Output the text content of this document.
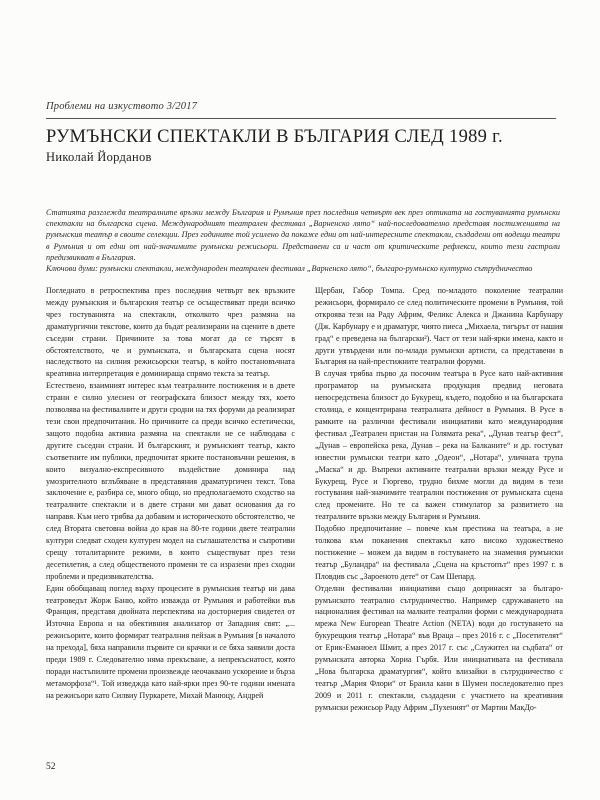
Проблеми на изкуството 3/2017
РУМЪНСКИ СПЕКТАКЛИ В БЪЛГАРИЯ СЛЕД 1989 г.
Николай Йорданов

Статията разглежда театралните връзки между България и Румъния през последния четвърт век през оптиката на гостуванията румънски спектакли на българска сцена. Международният театрален фестивал „Варненско лято“ най-последователно представя постиженията на румънския театър в своите селекции. През годините той усилено да покаже едни от най-интересните спектакли, създадени от водещи театри в Румъния и от едни от най-значимите румънски режисьори. Представени са и част от критическите рефлекси, които тези гастроли предизвикват в България.

Ключови думи: румънски спектакли, международен театрален фестивал „Варненско лято“, българо-румънско културно сътрудничество

Погледнато в ретроспектива през последния четвърт век връзките между румънския и българския театър се осъществяват преди всичко чрез гостуванията на спектакли, отколкото чрез размяна на драматургични текстове, които да бъдат реализирани на сцените в двете съседни страни. Причините за това могат да се търсят в обстоятелството, че и румънската, и българската сцена носят наследството на силния режисьорски театър, в който постановъчната креативна интерпретация е доминираща спрямо текста за театър.

Естествено, взаимният интерес към театралните постижения и в двете страни е силно улеснен от географската близост между тях, което позволява на фестивалните и други сродни на тях форуми да реализират тези свои предпочитания. Но причините са преди всичко естетически, защото подобна активна размяна на спектакли не се наблюдава с другите съседни страни. И българският, и румънският театър, както съответните им публики, предпочитат ярките постановъчни решения, в които визуално-експресивното въздействие доминира над умозрителното вглъбяване в представяния драматургичен текст. Това заключение е, разбира се, много общо, но предполагаемото сходство на театралните спектакли и в двете страни ми дават основания да го направя. Към него трябва да добавим и историческото обстоятелство, че след Втората световна война до края на 80-те години двете театрални култури следват сходен културен модел на съглашателства и съпротиви срещу тоталитарните режими, в които съществуват през тези десетилетия, а след общественото промени те са изразени през сходни проблеми и предизвикателства.

Един обобщаващ поглед върху процесите в румънския театър ни дава театроведът Жорж Баню, който изважда от Румъния и работейки във Франция, представя двойната перспектива на досторнерия свидетел от Източна Европа и на обективния анализатор от Западния свят: „... режисьорите, които формират театралния пейзаж в Румъния [в началото на прехода], бяха направили първите си крачки и се бяха заявили доста преди 1989 г. Следователно няма прекъсване, а непрекъснатост, която поради настъпилите промени произвеждe неочаквано ускорение и бърза метаморфоза“¹. Той изведжда като най-ярки през 90-те години имената на режисьори като Силвиу Пуркарете, Михай Манюцу, Андрей

Щербан, Габор Томпа. Сред по-младото поколение театрални режисьори, формирало се след политическите промени в Румъния, той откроява тези на Раду Африм, Феликс Алекса и Джанина Карбунару (Дж. Карбунару е и драматург, чиято пиеса „Михаела, тигърът от нашия град“ е преведена на български²). Част от тези най-ярки имена, както и други утвърдени или по-млади румънски артисти, са представени в България на най-престижните театрални форуми.

В случая трябва първо да посочим театъра в Русе като най-активния програматор на румънската продукция предвид неговата непосредствена близост до Букурещ, където, подобно и на българската столица, е концентрирана театралната дейност в Румъния. В Русе в рамките на различни фестивали инициативи като международния фестивал „Театрален пристан на Голямата река“, „Дунав театър фест“, „Дунав – европейска река, Дунав – река на Балканите“ и др. гостуват известни румънски театри като „Одеон“, „Нотара“, уличната трупа „Маска“ и др. Въпреки активните театрални връзки между Русе и Букурещ, Русе и Гюргево, трудно бихме могли да видим в тези гостувания най-значимите театрални постижения от румънската сцена след промените. Но те са важен стимулатор за развитието на театралните връзки между България и Румъния.

Подобно предпочитание – повече към престижа на театъра, а не толкова към поканения спектакъл като високо художествено постижение – можем да видим в гостуването на знамения румънски театър „Буландра“ на фестивала „Сцена на кръстопът“ през 1997 г. в Пловдив със „Зароеното дете“ от Сам Шепард.

Отделни фестивални инициативи също допринасят за българо-румънското театрално сътрудничество. Например сдружаването на националния фестивал на малките театрални форми с международната мрежа New European Theatre Action (NETA) води до гостуването на букурещкия театър „Нотара“ във Враца – през 2016 г. с „Посетителят“ от Ерик-Еманюел Шмит, а през 2017 г. със „Служител на съдбата“ от румънската авторка Хориа Гърбя. Или инициативата на фестивала „Нова българска драматургия“, който влизайки в сътрудничество с театър „Мария Флори“ от Браила кани в Шумен последователно през 2009 и 2011 г. спектакли, създадени с участието на креативния румънски режисьор Раду Африм „Пухеният“ от Мартин МакДо-

52
